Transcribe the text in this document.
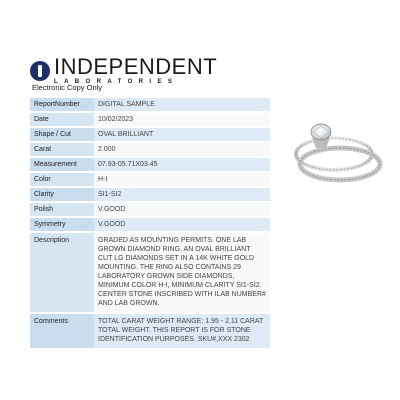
INDEPENDENT
LABORATORIES
Electronic Copy Only
ReportNumber	DIGITAL SAMPLE
Date	10/02/2023
Shape / Cut	OVAL BRILLIANT
Carat	2.000
Measurement	07.93-05.71X03.45
Color	H-I
Clarity	SI1-SI2
Polish	V.GOOD
Symmetry	V.GOOD
Description	GRADED AS MOUNTING PERMITS. ONE LAB GROWN DIAMOND RING. AN OVAL BRILLIANT CUT LG DIAMONDS SET IN A 14K WHITE GOLD MOUNTING. THE RING ALSO CONTAINS 29 LABORATORY GROWN SIDE DIAMONDS, MINIMUM COLOR H-I, MINIMUM CLARITY SI1-SI2. CENTER STONE INSCRIBED WITH ILAB NUMBER# AND LAB GROWN.
Comments	TOTAL CARAT WEIGHT RANGE: 1.95 - 2.11 CARAT TOTAL WEIGHT. THIS REPORT IS FOR STONE IDENTIFICATION PURPOSES. SKU#,XXX 2302
